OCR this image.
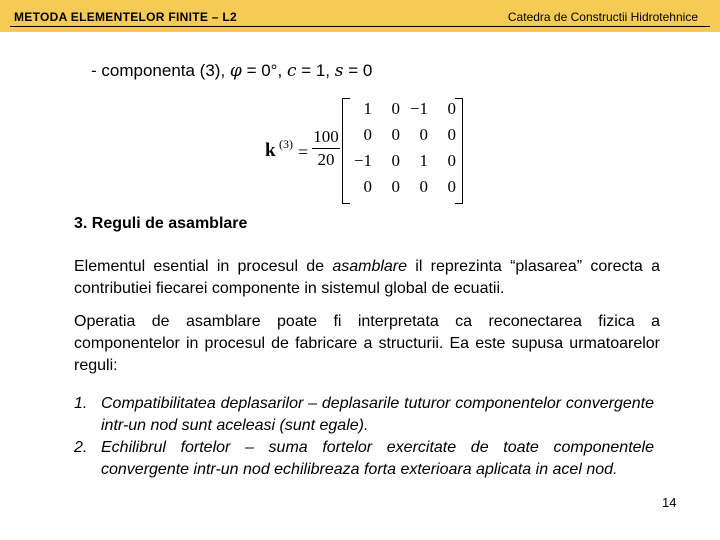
METODA ELEMENTELOR FINITE – L2	Catedra de Constructii Hidrotehnice
- componenta (3), φ = 0°, c = 1, s = 0
k (3) =
100
20
1	0	−1	0
0	0	0	0
−1	0	1	0
0	0	0	0
3. Reguli de asamblare
Elementul esential in procesul de asamblare il reprezinta “plasarea” corecta a contributiei fiecarei componente in sistemul global de ecuatii.
Operatia de asamblare poate fi interpretata ca reconectarea fizica a componentelor in procesul de fabricare a structurii. Ea este supusa urmatoarelor reguli:
1. Compatibilitatea deplasarilor – deplasarile tuturor componentelor convergente intr-un nod sunt aceleasi (sunt egale).
2. Echilibrul fortelor – suma fortelor exercitate de toate componentele convergente intr-un nod echilibreaza forta exterioara aplicata in acel nod.
14
